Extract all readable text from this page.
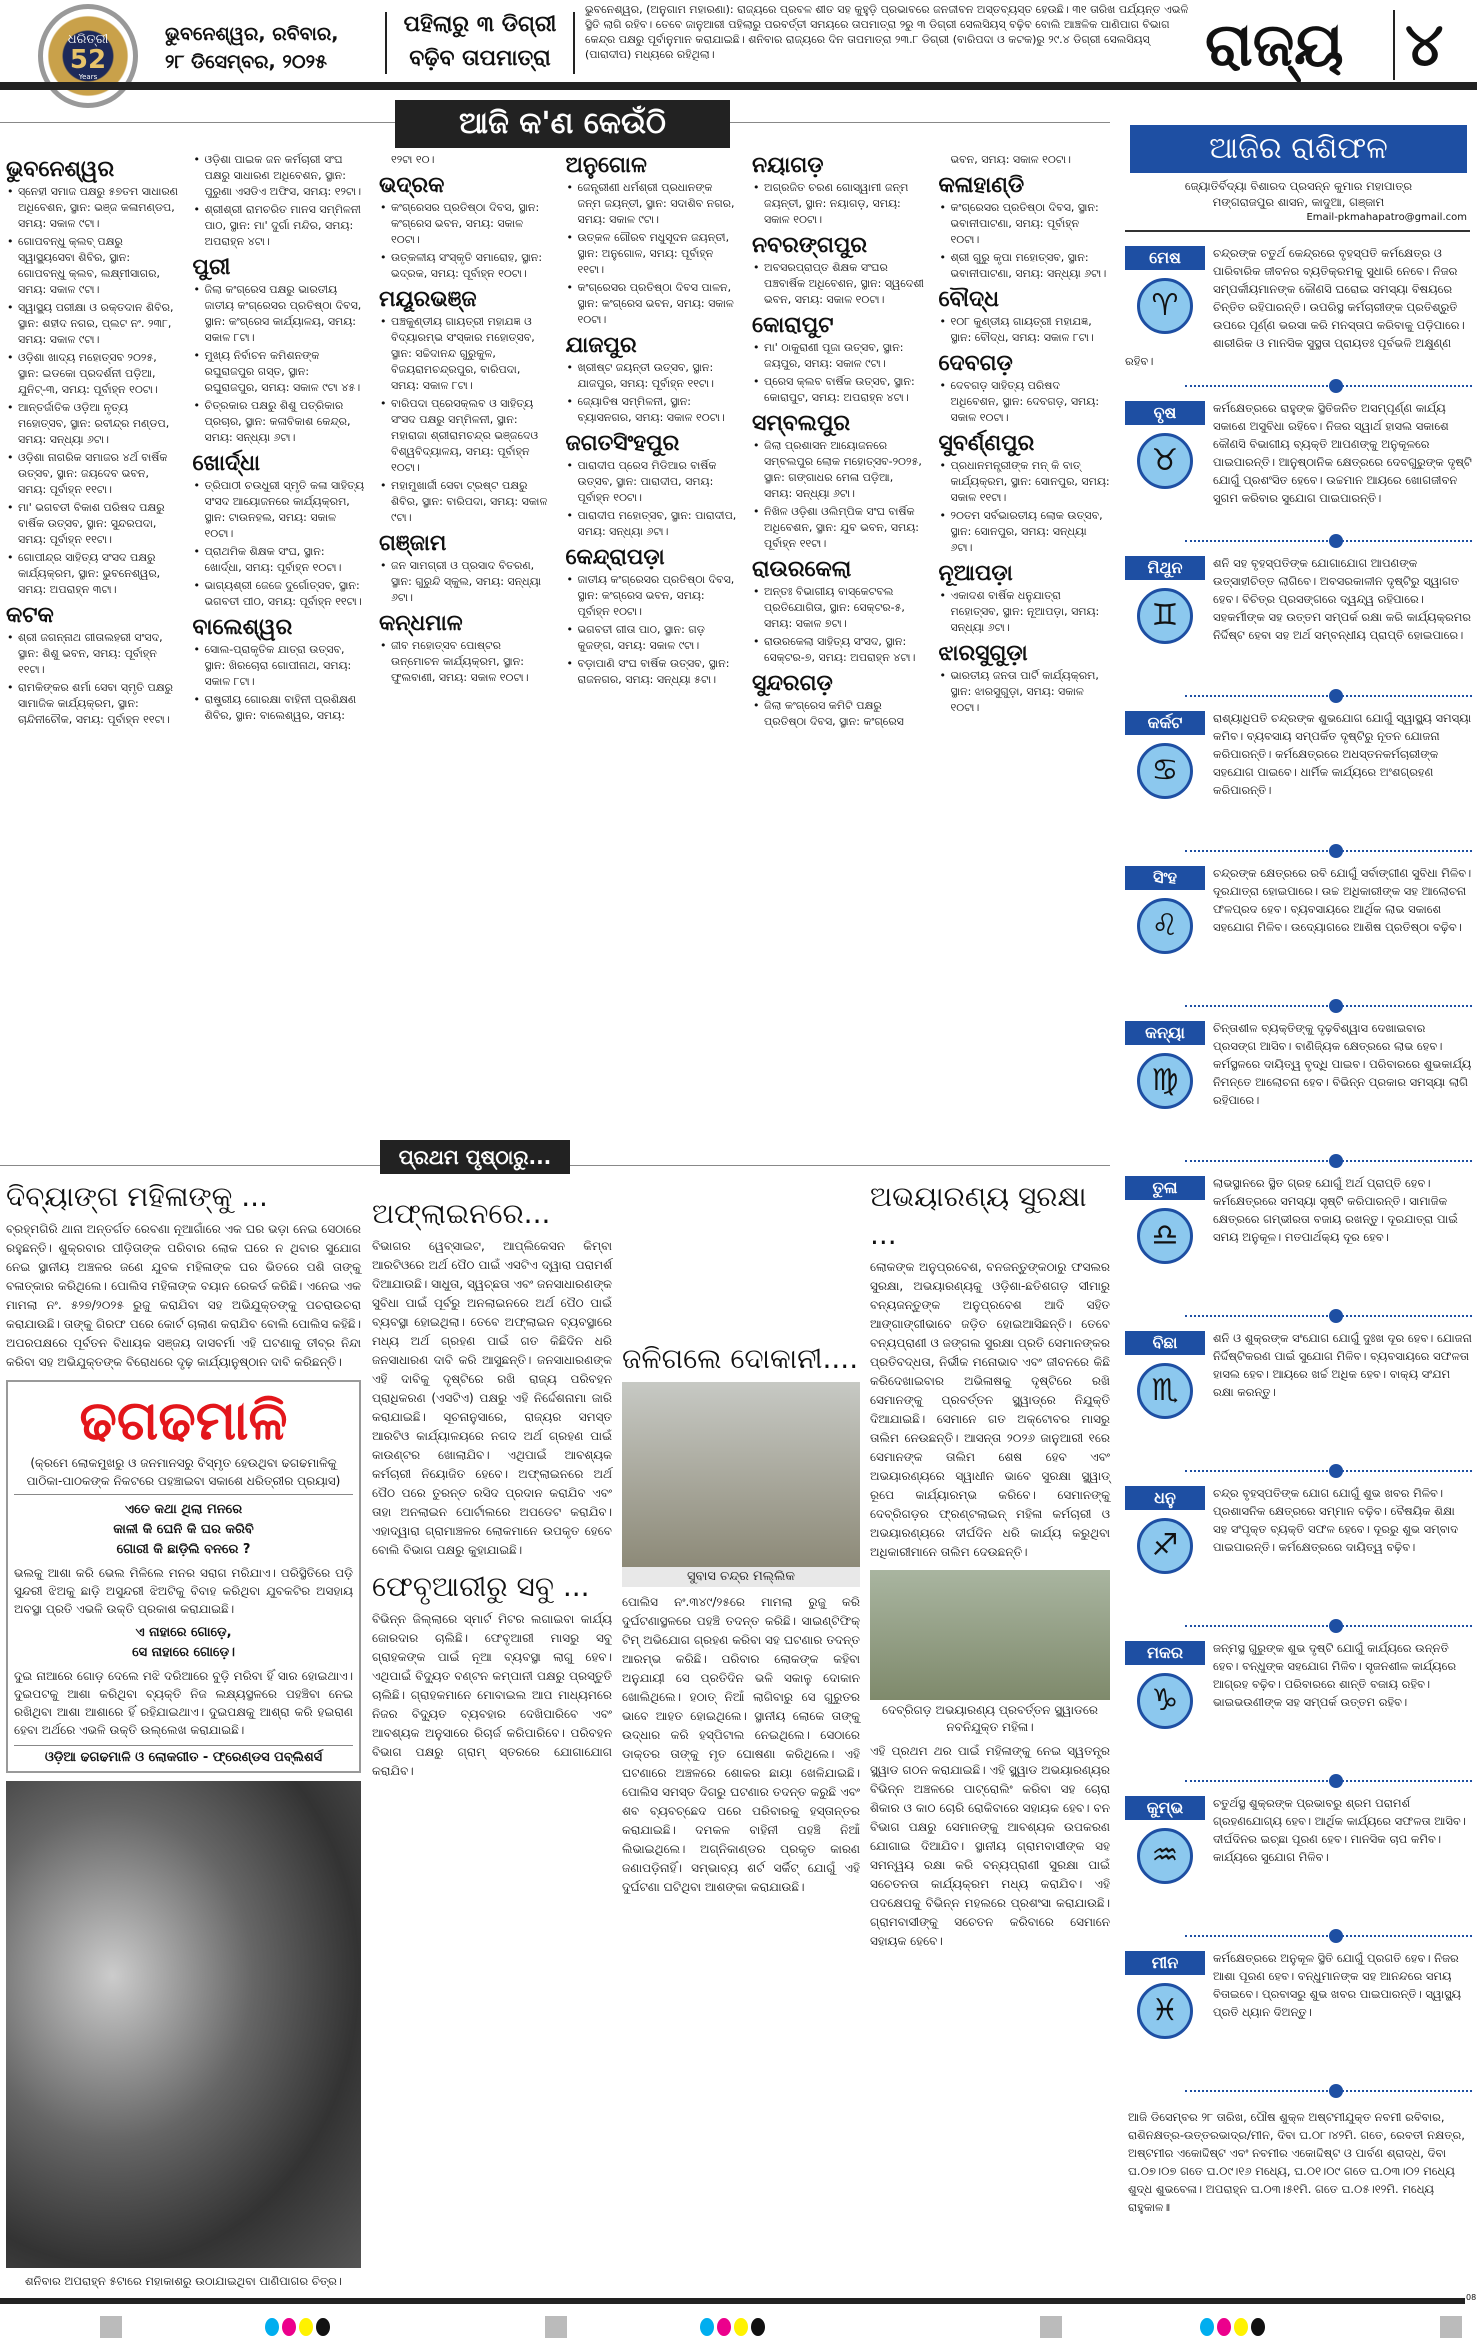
ଧରିତ୍ରୀ
52
Years
ଭୁବନେଶ୍ୱର, ରବିବାର,
୨୮ ଡିସେମ୍ବର, ୨୦୨୫
ପହିଲାରୁ ୩ ଡିଗ୍ରୀ ବଢ଼ିବ ତାପମାତ୍ରା
ଭୁବନେଶ୍ୱର, (ଅନୁଗାମ ମହାରଣା): ରାଜ୍ୟରେ ପ୍ରବଳ ଶୀତ ସହ କୁହୁଡ଼ି ପ୍ରଭାବରେ ଜନଜୀବନ ଅସ୍ତବ୍ୟସ୍ତ ହେଉଛି। ୩୧ ତାରିଖ ପର୍ଯ୍ୟନ୍ତ ଏଭଳି ସ୍ଥିତି ଲାଗି ରହିବ। ତେବେ ଜାନୁଆରୀ ପହିଲାରୁ ପରବର୍ତ୍ତୀ ସମୟରେ ତାପମାତ୍ରା ୨ରୁ ୩ ଡିଗ୍ରୀ ସେଲସିୟସ୍ ବଢ଼ିବ ବୋଲି ଆଞ୍ଚଳିକ ପାଣିପାଗ ବିଭାଗ କେନ୍ଦ୍ର ପକ୍ଷରୁ ପୂର୍ବାନୁମାନ କରାଯାଇଛି। ଶନିବାର ରାଜ୍ୟରେ ଦିନ ତାପମାତ୍ରା ୨୩.୮ ଡିଗ୍ରୀ (ବାରିପଦା ଓ କଟକ)ରୁ ୨୯.୪ ଡିଗ୍ରୀ ସେଲସିୟସ୍ (ପାରାଦୀପ) ମଧ୍ୟରେ ରହିଥିଲା।	ରାଜ୍ୟ ୪
ଆଜି କ'ଣ କେଉଁଠି
ଭୁବନେଶ୍ୱର
• ସ୍ନେହୀ ସମାଜ ପକ୍ଷରୁ ୫୭ତମ ସାଧାରଣ ଅଧିବେଶନ, ସ୍ଥାନ: ଭଞ୍ଜ କଳାମଣ୍ଡପ, ସମୟ: ସକାଳ ୯ଟା।
• ଗୋପବନ୍ଧୁ କ୍ଲବ୍ ପକ୍ଷରୁ ସ୍ୱାସ୍ଥ୍ୟସେବା ଶିବିର, ସ୍ଥାନ: ଗୋପବନ୍ଧୁ କ୍ଲବ, ଲକ୍ଷ୍ମୀସାଗର, ସମୟ: ସକାଳ ୯ଟା।
• ସ୍ୱାସ୍ଥ୍ୟ ପରୀକ୍ଷା ଓ ରକ୍ତଦାନ ଶିବିର, ସ୍ଥାନ: ଶହୀଦ ନଗର, ପ୍ଲଟ ନଂ. ୨୩୮, ସମୟ: ସକାଳ ୯ଟା।
• ଓଡ଼ିଶା ଖାଦ୍ୟ ମହୋତ୍ସବ ୨୦୨୫, ସ୍ଥାନ: ଇଡକୋ ପ୍ରଦର୍ଶନୀ ପଡ଼ିଆ, ଯୁନିଟ୍-୩, ସମୟ: ପୂର୍ବାହ୍ନ ୧୦ଟା।
• ଆନ୍ତର୍ଜାତିକ ଓଡ଼ିଆ ନୃତ୍ୟ ମହୋତ୍ସବ, ସ୍ଥାନ: ରବୀନ୍ଦ୍ର ମଣ୍ଡପ, ସମୟ: ସନ୍ଧ୍ୟା ୬ଟା।
• ଓଡ଼ିଶା ନାଗରିକ ସମାଜର ୪ର୍ଥ ବାର୍ଷିକ ଉତ୍ସବ, ସ୍ଥାନ: ଜୟଦେବ ଭବନ, ସମୟ: ପୂର୍ବାହ୍ନ ୧୧ଟା।
• ମା' ଭଗବତୀ ବିକାଶ ପରିଷଦ ପକ୍ଷରୁ ବାର୍ଷିକ ଉତ୍ସବ, ସ୍ଥାନ: ସୁନ୍ଦରପଦା, ସମୟ: ପୂର୍ବାହ୍ନ ୧୧ଟା।
• ଗୋପୀନ୍ଦ୍ର ସାହିତ୍ୟ ସଂସଦ ପକ୍ଷରୁ କାର୍ଯ୍ୟକ୍ରମ, ସ୍ଥାନ: ଭୁବନେଶ୍ୱର, ସମୟ: ଅପରାହ୍ନ ୩ଟା।
କଟକ
• ଶ୍ରୀ ଜଗନ୍ନାଥ ଗୀତାଲହରୀ ସଂସଦ, ସ୍ଥାନ: ଶିଶୁ ଭବନ, ସମୟ: ପୂର୍ବାହ୍ନ ୧୧ଟା।
• ରାମକିଙ୍କର ଶର୍ମା ସେବା ସ୍ମୃତି ପକ୍ଷରୁ ସାମାଜିକ କାର୍ଯ୍ୟକ୍ରମ, ସ୍ଥାନ: ଚାନ୍ଦିନୀଚୌକ, ସମୟ: ପୂର୍ବାହ୍ନ ୧୧ଟା।
• ଓଡ଼ିଶା ପାଇକ ଜନ କର୍ମଚାରୀ ସଂଘ ପକ୍ଷରୁ ସାଧାରଣ ଅଧିବେଶନ, ସ୍ଥାନ: ପୁରୁଣା ଏସଡିଏ ଅଫିସ, ସମୟ: ୧୨ଟା।
• ଶ୍ରୀଶ୍ରୀ ରାମଚରିତ ମାନସ ସମ୍ମିଳନୀ ପାଠ, ସ୍ଥାନ: ମା' ଦୁର୍ଗା ମନ୍ଦିର, ସମୟ: ଅପରାହ୍ନ ୪ଟା।
ପୁରୀ
• ଜିଲା କଂଗ୍ରେସ ପକ୍ଷରୁ ଭାରତୀୟ ଜାତୀୟ କଂଗ୍ରେସର ପ୍ରତିଷ୍ଠା ଦିବସ, ସ୍ଥାନ: କଂଗ୍ରେସ କାର୍ଯ୍ୟାଳୟ, ସମୟ: ସକାଳ ୮ଟା।
• ମୁଖ୍ୟ ନିର୍ବାଚନ କମିଶନଙ୍କ ରଘୁରାଜପୁର ଗସ୍ତ, ସ୍ଥାନ: ରଘୁରାଜପୁର, ସମୟ: ସକାଳ ୯ଟା ୪୫।
• ଚିତ୍ରକାର ପକ୍ଷରୁ ଶିଶୁ ପତ୍ରିକାର ପ୍ରଚାର, ସ୍ଥାନ: କଳାବିକାଶ କେନ୍ଦ୍ର, ସମୟ: ସନ୍ଧ୍ୟା ୬ଟା।
ଖୋର୍ଦ୍ଧା
• ତ୍ରିପାଠୀ ଚଉଧୁରୀ ସ୍ମୃତି କଳା ସାହିତ୍ୟ ସଂସଦ ଆୟୋଜନରେ କାର୍ଯ୍ୟକ୍ରମ, ସ୍ଥାନ: ଟାଉନହଲ, ସମୟ: ସକାଳ ୧୦ଟା।
• ପ୍ରାଥମିକ ଶିକ୍ଷକ ସଂଘ, ସ୍ଥାନ: ଖୋର୍ଦ୍ଧା, ସମୟ: ପୂର୍ବାହ୍ନ ୧୦ଟା।
• ଭାଗ୍ୟଶ୍ରୀ ଜେଜେ ଦୁର୍ଗୋତ୍ସବ, ସ୍ଥାନ: ଭଗବତୀ ପୀଠ, ସମୟ: ପୂର୍ବାହ୍ନ ୧୧ଟା।
ବାଲେଶ୍ୱର
• ସୋଲ-ପ୍ରାକୃତିକ ଯାତ୍ରା ଉତ୍ସବ, ସ୍ଥାନ: ଖିରଚୋରା ଗୋପୀନାଥ, ସମୟ: ସକାଳ ୮ଟା।
• ରାଷ୍ଟ୍ରୀୟ ଗୋରକ୍ଷା ବାହିନୀ ପ୍ରଶିକ୍ଷଣ ଶିବିର, ସ୍ଥାନ: ବାଲେଶ୍ୱର, ସମୟ: ୧୨ଟା ୧୦।
ଭଦ୍ରକ
• କଂଗ୍ରେସର ପ୍ରତିଷ୍ଠା ଦିବସ, ସ୍ଥାନ: କଂଗ୍ରେସ ଭବନ, ସମୟ: ସକାଳ ୧୦ଟା।
• ଉତ୍କଳୀୟ ସଂସ୍କୃତି ସମାରୋହ, ସ୍ଥାନ: ଭଦ୍ରକ, ସମୟ: ପୂର୍ବାହ୍ନ ୧୦ଟା।
ମୟୂରଭଞ୍ଜ
• ପଞ୍ଚକୁଣ୍ଡୀୟ ଗାୟତ୍ରୀ ମହାଯଜ୍ଞ ଓ ବିଦ୍ୟାରମ୍ଭ ସଂସ୍କାର ମହୋତ୍ସବ, ସ୍ଥାନ: ସଚ୍ଚିଦାନନ୍ଦ ଗୁରୁକୁଳ, ବିଜୟରାମଚନ୍ଦ୍ରପୁର, ବାରିପଦା, ସମୟ: ସକାଳ ୮ଟା।
• ବାରିପଦା ପ୍ରେସକ୍ଲବ ଓ ସାହିତ୍ୟ ସଂସଦ ପକ୍ଷରୁ ସମ୍ମିଳନୀ, ସ୍ଥାନ: ମହାରାଜା ଶ୍ରୀରାମଚନ୍ଦ୍ର ଭଞ୍ଜଦେଓ ବିଶ୍ୱବିଦ୍ୟାଳୟ, ସମୟ: ପୂର୍ବାହ୍ନ ୧୦ଟା।
• ମହାମୁଖାର୍ଜୀ ସେବା ଟ୍ରଷ୍ଟ ପକ୍ଷରୁ ଶିବିର, ସ୍ଥାନ: ବାରିପଦା, ସମୟ: ସକାଳ ୯ଟା।
ଗଞ୍ଜାମ
• ଜନ ସାମଗ୍ରୀ ଓ ପ୍ରସାଦ ବିତରଣ, ସ୍ଥାନ: ଗୁରୁନ୍ଦି ସ୍କୁଲ, ସମୟ: ସନ୍ଧ୍ୟା ୬ଟା।
କନ୍ଧମାଳ
• ଜୀବ ମହୋତ୍ସବ ପୋଷ୍ଟର ଉନ୍ମୋଚନ କାର୍ଯ୍ୟକ୍ରମ, ସ୍ଥାନ: ଫୁଲବାଣୀ, ସମୟ: ସକାଳ ୧୦ଟା।
ଅନୁଗୋଳ
• ଜେନ୍ତ୍ରୀଣୀ ଧର୍ମଶ୍ରୀ ପ୍ରଧାନଙ୍କ ଜନ୍ମ ଜୟନ୍ତୀ, ସ୍ଥାନ: ସଦାଶିବ ନଗର, ସମୟ: ସକାଳ ୯ଟା।
• ଉତ୍କଳ ଗୌରବ ମଧୁସୂଦନ ଜୟନ୍ତୀ, ସ୍ଥାନ: ଅନୁଗୋଳ, ସମୟ: ପୂର୍ବାହ୍ନ ୧୧ଟା।
• କଂଗ୍ରେସର ପ୍ରତିଷ୍ଠା ଦିବସ ପାଳନ, ସ୍ଥାନ: କଂଗ୍ରେସ ଭବନ, ସମୟ: ସକାଳ ୧୦ଟା।
ଯାଜପୁର
• ଖ୍ରୀଷ୍ଟ ଜୟନ୍ତୀ ଉତ୍ସବ, ସ୍ଥାନ: ଯାଜପୁର, ସମୟ: ପୂର୍ବାହ୍ନ ୧୧ଟା।
• ଜ୍ୟୋତିଷ ସମ୍ମିଳନୀ, ସ୍ଥାନ: ବ୍ୟାସନଗର, ସମୟ: ସକାଳ ୧୦ଟା।
ଜଗତସିଂହପୁର
• ପାରାଦୀପ ପ୍ରେସ ମିଡିଆର ବାର୍ଷିକ ଉତ୍ସବ, ସ୍ଥାନ: ପାରାଦୀପ, ସମୟ: ପୂର୍ବାହ୍ନ ୧୦ଟା।
• ପାରାଦୀପ ମହୋତ୍ସବ, ସ୍ଥାନ: ପାରାଦୀପ, ସମୟ: ସନ୍ଧ୍ୟା ୬ଟା।
କେନ୍ଦ୍ରାପଡ଼ା
• ଜାତୀୟ କଂଗ୍ରେସର ପ୍ରତିଷ୍ଠା ଦିବସ, ସ୍ଥାନ: କଂଗ୍ରେସ ଭବନ, ସମୟ: ପୂର୍ବାହ୍ନ ୧୦ଟା।
• ଭଗବତୀ ଗୀତା ପାଠ, ସ୍ଥାନ: ଗଡ଼ କୁଜଙ୍ଗ, ସମୟ: ସକାଳ ୯ଟା।
• ବଡ଼ାପାଣି ସଂଘ ବାର୍ଷିକ ଉତ୍ସବ, ସ୍ଥାନ: ରାଜନଗର, ସମୟ: ସନ୍ଧ୍ୟା ୫ଟା।
ନୟାଗଡ଼
• ଅଗ୍ରଜିତ ଚରଣ ଗୋସ୍ୱାମୀ ଜନ୍ମ ଜୟନ୍ତୀ, ସ୍ଥାନ: ନୟାଗଡ଼, ସମୟ: ସକାଳ ୧୦ଟା।
ନବରଙ୍ଗପୁର
• ଅବସରପ୍ରାପ୍ତ ଶିକ୍ଷକ ସଂଘର ପଞ୍ଚବାର୍ଷିକ ଅଧିବେଶନ, ସ୍ଥାନ: ସ୍ୱଦେଶୀ ଭବନ, ସମୟ: ସକାଳ ୧୦ଟା।
କୋରାପୁଟ
• ମା' ଠାକୁରାଣୀ ପୂଜା ଉତ୍ସବ, ସ୍ଥାନ: ଜୟପୁର, ସମୟ: ସକାଳ ୯ଟା।
• ପ୍ରେସ କ୍ଲବ ବାର୍ଷିକ ଉତ୍ସବ, ସ୍ଥାନ: କୋରାପୁଟ, ସମୟ: ଅପରାହ୍ନ ୪ଟା।
ସମ୍ବଲପୁର
• ଜିଲା ପ୍ରଶାସନ ଆୟୋଜନରେ ସମ୍ବଲପୁର ଲୋକ ମହୋତ୍ସବ-୨୦୨୫, ସ୍ଥାନ: ଗଙ୍ଗାଧର ମେଳା ପଡ଼ିଆ, ସମୟ: ସନ୍ଧ୍ୟା ୬ଟା।
• ନିଖିଳ ଓଡ଼ିଶା ଓଲିମ୍ପିକ ସଂଘ ବାର୍ଷିକ ଅଧିବେଶନ, ସ୍ଥାନ: ଯୁବ ଭବନ, ସମୟ: ପୂର୍ବାହ୍ନ ୧୧ଟା।
ରାଉରକେଲା
• ଅନ୍ତଃ ବିଭାଗୀୟ ବାସ୍କେଟବଲ ପ୍ରତିଯୋଗିତା, ସ୍ଥାନ: ସେକ୍ଟର-୫, ସମୟ: ସକାଳ ୭ଟା।
• ରାଉରକେଲା ସାହିତ୍ୟ ସଂସଦ, ସ୍ଥାନ: ସେକ୍ଟର-୭, ସମୟ: ଅପରାହ୍ନ ୪ଟା।
ସୁନ୍ଦରଗଡ଼
• ଜିଲା କଂଗ୍ରେସ କମିଟି ପକ୍ଷରୁ ପ୍ରତିଷ୍ଠା ଦିବସ, ସ୍ଥାନ: କଂଗ୍ରେସ ଭବନ, ସମୟ: ସକାଳ ୧୦ଟା।
କଳାହାଣ୍ଡି
• କଂଗ୍ରେସର ପ୍ରତିଷ୍ଠା ଦିବସ, ସ୍ଥାନ: ଭବାନୀପାଟଣା, ସମୟ: ପୂର୍ବାହ୍ନ ୧୦ଟା।
• ଶ୍ରୀ ଗୁରୁ କୃପା ମହୋତ୍ସବ, ସ୍ଥାନ: ଭବାନୀପାଟଣା, ସମୟ: ସନ୍ଧ୍ୟା ୬ଟା।
ବୌଦ୍ଧ
• ୧୦୮ କୁଣ୍ଡୀୟ ଗାୟତ୍ରୀ ମହାଯଜ୍ଞ, ସ୍ଥାନ: ବୌଦ୍ଧ, ସମୟ: ସକାଳ ୮ଟା।
ଦେବଗଡ଼
• ଦେବଗଡ଼ ସାହିତ୍ୟ ପରିଷଦ ଅଧିବେଶନ, ସ୍ଥାନ: ଦେବଗଡ଼, ସମୟ: ସକାଳ ୧୦ଟା।
ସୁବର୍ଣ୍ଣପୁର
• ପ୍ରଧାନମନ୍ତ୍ରୀଙ୍କ ମନ୍ କି ବାତ୍ କାର୍ଯ୍ୟକ୍ରମ, ସ୍ଥାନ: ସୋନପୁର, ସମୟ: ସକାଳ ୧୧ଟା।
• ୨୦ତମ ସର୍ବଭାରତୀୟ ଲୋକ ଉତ୍ସବ, ସ୍ଥାନ: ସୋନପୁର, ସମୟ: ସନ୍ଧ୍ୟା ୬ଟା।
ନୂଆପଡ଼ା
• ଏକାଦଶ ବାର୍ଷିକ ଧନୁଯାତ୍ରା ମହୋତ୍ସବ, ସ୍ଥାନ: ନୂଆପଡ଼ା, ସମୟ: ସନ୍ଧ୍ୟା ୬ଟା।
ଝାରସୁଗୁଡ଼ା
• ଭାରତୀୟ ଜନତା ପାର୍ଟି କାର୍ଯ୍ୟକ୍ରମ, ସ୍ଥାନ: ଝାରସୁଗୁଡ଼ା, ସମୟ: ସକାଳ ୧୦ଟା।
ପ୍ରଥମ ପୃଷ୍ଠାରୁ...
ଦିବ୍ୟାଙ୍ଗ ମହିଳାଙ୍କୁ ...

ବ୍ରହ୍ମଗିରି ଥାନା ଅନ୍ତର୍ଗତ ରେବଣା ନୂଆଗାଁରେ ଏକ ଘର ଭଡ଼ା ନେଇ ସେଠାରେ ରହୁଛନ୍ତି। ଶୁକ୍ରବାର ପୀଡ଼ିତାଙ୍କ ପରିବାର ଲୋକ ଘରେ ନ ଥିବାର ସୁଯୋଗ ନେଇ ସ୍ଥାନୀୟ ଅଞ୍ଚଳର ଜଣେ ଯୁବକ ମହିଳାଙ୍କ ଘର ଭିତରେ ପଶି ତାଙ୍କୁ ବଳାତ୍କାର କରିଥିଲେ। ପୋଲିସ ମହିଳାଙ୍କ ବୟାନ ରେକର୍ଡ କରିଛି। ଏନେଇ ଏକ ମାମଲା ନଂ. ୫୨୭/୨୦୨୫ ରୁଜୁ କରାଯିବା ସହ ଅଭିଯୁକ୍ତଙ୍କୁ ପଚରାଉଚରା କରାଯାଉଛି। ତାଙ୍କୁ ଗିରଫ ପରେ କୋର୍ଟ ଚାଲାଣ କରାଯିବ ବୋଲି ପୋଲିସ କହିଛି। ଅପରପକ୍ଷରେ ପୂର୍ବତନ ବିଧାୟକ ସଞ୍ଜୟ ଦାସବର୍ମା ଏହି ଘଟଣାକୁ ତୀବ୍ର ନିନ୍ଦା କରିବା ସହ ଅଭିଯୁକ୍ତଙ୍କ ବିରୋଧରେ ଦୃଢ଼ କାର୍ଯ୍ୟାନୁଷ୍ଠାନ ଦାବି କରିଛନ୍ତି।

ଢଗଢମାଳି
(କ୍ରମେ ଲୋକମୁଖରୁ ଓ ଜନମାନସରୁ ବିସ୍ମୃତ ହେଉଥିବା ଢଗଢମାଳିକୁ ପାଠିକା-ପାଠକଙ୍କ ନିକଟରେ ପହଞ୍ଚାଇବା ସକାଶେ ଧରିତ୍ରୀର ପ୍ରୟାସ)
ଏତେ କଥା ଥିଲା ମନରେ
କାଳୀ କି ଘେନି କି ଘର କରିବି
ଗୋରୀ କି ଛାଡ଼ିଲି ବନରେ ?
ଭଲକୁ ଆଶା କରି ଭେଲ ମିଳିଲେ ମନର ସରାଗ ମରିଯାଏ। ପରିସ୍ଥିତିରେ ପଡ଼ି ସୁନ୍ଦରୀ ଝିଅକୁ ଛାଡ଼ି ଅସୁନ୍ଦରୀ ଝିଅଟିକୁ ବିବାହ କରିଥିବା ଯୁବକଟିର ଅସହାୟ ଅବସ୍ଥା ପ୍ରତି ଏଭଳି ଉକ୍ତି ପ୍ରକାଶ କରାଯାଇଛି।
ଏ ନାହାରେ ଗୋଡ଼େ,
ସେ ନାହାରେ ଗୋଡ଼େ।
ଦୁଇ ନାଆରେ ଗୋଡ଼ ଦେଲେ ମଝି ଦରିଆରେ ବୁଡ଼ି ମରିବା ହିଁ ସାର ହୋଇଥାଏ। ଦୁଇପଟକୁ ଆଶା କରିଥିବା ବ୍ୟକ୍ତି ନିଜ ଲକ୍ଷ୍ୟସ୍ଥଳରେ ପହଞ୍ଚିବା ନେଇ ରଖିଥିବା ଆଶା ଆଶାରେ ହିଁ ରହିଯାଇଥାଏ। ଦୁଇପକ୍ଷକୁ ଆଶ୍ରା କରି ହଇରାଣ ହେବା ଅର୍ଥରେ ଏଭଳି ଉକ୍ତି ଉଲ୍ଲେଖ କରାଯାଇଛି।
ଓଡ଼ିଆ ଢଗଢମାଳି ଓ ଲୋକଗୀତ - ଫ୍ରେଣ୍ଡସ ପବ୍ଲିଶର୍ସ
ଶନିବାର ଅପରାହ୍ନ ୫ଟାରେ ମହାକାଶରୁ ଉଠାଯାଇଥିବା ପାଣିପାଗର ଚିତ୍ର।
ଅଫ୍‌ଲାଇନରେ...

ବିଭାଗର ୱେବ୍‌ସାଇଟ, ଆପ୍ଲିକେସନ କିମ୍ବା ଆରଟିଓରେ ଅର୍ଥ ପୈଠ ପାଇଁ ଏସଟିଏ ଦ୍ୱାରା ପରାମର୍ଶ ଦିଆଯାଉଛି। ସାଧୁତା, ସ୍ୱଚ୍ଛତା ଏବଂ ଜନସାଧାରଣଙ୍କ ସୁବିଧା ପାଇଁ ପୂର୍ବରୁ ଅନଲାଇନରେ ଅର୍ଥ ପୈଠ ପାଇଁ ବ୍ୟବସ୍ଥା ହୋଇଥିଲା। ତେବେ ଅଫ୍‌ଲାଇନ ବ୍ୟବସ୍ଥାରେ ମଧ୍ୟ ଅର୍ଥ ଗ୍ରହଣ ପାଇଁ ଗତ କିଛିଦିନ ଧରି ଜନସାଧାରଣ ଦାବି କରି ଆସୁଛନ୍ତି। ଜନସାଧାରଣଙ୍କ ଏହି ଦାବିକୁ ଦୃଷ୍ଟିରେ ରଖି ରାଜ୍ୟ ପରିବହନ ପ୍ରାଧିକରଣ (ଏସଟିଏ) ପକ୍ଷରୁ ଏହି ନିର୍ଦ୍ଦେଶନାମା ଜାରି କରାଯାଇଛି। ସୂଚନାନୁସାରେ, ରାଜ୍ୟର ସମସ୍ତ ଆରଟିଓ କାର୍ଯ୍ୟାଳୟରେ ନଗଦ ଅର୍ଥ ଗ୍ରହଣ ପାଇଁ କାଉଣ୍ଟର ଖୋଲାଯିବ। ଏଥିପାଇଁ ଆବଶ୍ୟକ କର୍ମଚାରୀ ନିୟୋଜିତ ହେବେ। ଅଫ୍‌ଲାଇନରେ ଅର୍ଥ ପୈଠ ପରେ ତୁରନ୍ତ ରସିଦ ପ୍ରଦାନ କରାଯିବ ଏବଂ ତାହା ଅନଲାଇନ ପୋର୍ଟାଲରେ ଅପଡେଟ କରାଯିବ। ଏହାଦ୍ୱାରା ଗ୍ରାମାଞ୍ଚଳର ଲୋକମାନେ ଉପକୃତ ହେବେ ବୋଲି ବିଭାଗ ପକ୍ଷରୁ କୁହାଯାଇଛି।

ଫେବୃଆରୀରୁ ସବୁ ...

ବିଭିନ୍ନ ଜିଲ୍ଲାରେ ସ୍ମାର୍ଟ ମିଟର ଲଗାଇବା କାର୍ଯ୍ୟ ଜୋରଦାର ଚାଲିଛି। ଫେବୃଆରୀ ମାସରୁ ସବୁ ଗ୍ରାହକଙ୍କ ପାଇଁ ନୂଆ ବ୍ୟବସ୍ଥା ଲାଗୁ ହେବ। ଏଥିପାଇଁ ବିଦ୍ୟୁତ ବଣ୍ଟନ କମ୍ପାନୀ ପକ୍ଷରୁ ପ୍ରସ୍ତୁତି ଚାଲିଛି। ଗ୍ରାହକମାନେ ମୋବାଇଲ ଆପ ମାଧ୍ୟମରେ ନିଜର ବିଦ୍ୟୁତ ବ୍ୟବହାର ଦେଖିପାରିବେ ଏବଂ ଆବଶ୍ୟକ ଅନୁସାରେ ରିଚାର୍ଜ କରିପାରିବେ। ପରିବହନ ବିଭାଗ ପକ୍ଷରୁ ଗ୍ରାମ୍ ସ୍ତରରେ ଯୋଗାଯୋଗ କରାଯିବ।

ଜଳିଗଲେ ଦୋକାନୀ....
ସୁବାସ ଚନ୍ଦ୍ର ମଲ୍ଲିକ

ପୋଲିସ ନଂ.୩୪୯/୨୫ରେ ମାମଲା ରୁଜୁ କରି ଦୁର୍ଘଟଣାସ୍ଥଳରେ ପହଞ୍ଚି ତଦନ୍ତ କରିଛି। ସାଇଣ୍ଟିଫିକ୍ ଟିମ୍ ଅଭିଯୋଗ ଗ୍ରହଣ କରିବା ସହ ଘଟଣାର ତଦନ୍ତ ଆରମ୍ଭ କରିଛି। ପରିବାର ଲୋକଙ୍କ କହିବା ଅନୁଯାୟୀ ସେ ପ୍ରତିଦିନ ଭଳି ସକାଳୁ ଦୋକାନ ଖୋଲିଥିଲେ। ହଠାତ୍ ନିଆଁ ଲାଗିବାରୁ ସେ ଗୁରୁତର ଭାବେ ଆହତ ହୋଇଥିଲେ। ସ୍ଥାନୀୟ ଲୋକେ ତାଙ୍କୁ ଉଦ୍ଧାର କରି ହସ୍ପିଟାଲ ନେଇଥିଲେ। ସେଠାରେ ଡାକ୍ତର ତାଙ୍କୁ ମୃତ ଘୋଷଣା କରିଥିଲେ। ଏହି ଘଟଣାରେ ଅଞ୍ଚଳରେ ଶୋକର ଛାୟା ଖେଳିଯାଇଛି। ପୋଲିସ ସମସ୍ତ ଦିଗରୁ ଘଟଣାର ତଦନ୍ତ କରୁଛି ଏବଂ ଶବ ବ୍ୟବଚ୍ଛେଦ ପରେ ପରିବାରକୁ ହସ୍ତାନ୍ତର କରାଯାଇଛି। ଦମକଳ ବାହିନୀ ପହଞ୍ଚି ନିଆଁ ଲିଭାଇଥିଲେ। ଅଗ୍ନିକାଣ୍ଡର ପ୍ରକୃତ କାରଣ ଜଣାପଡ଼ିନାହିଁ। ସମ୍ଭାବ୍ୟ ଶର୍ଟ ସର୍କିଟ୍ ଯୋଗୁଁ ଏହି ଦୁର୍ଘଟଣା ଘଟିଥିବା ଆଶଙ୍କା କରାଯାଉଛି।

ଅଭୟାରଣ୍ୟ ସୁରକ୍ଷା ...

ଲୋକଙ୍କ ଅନୁପ୍ରବେଶ, ବନଜନ୍ତୁଙ୍କଠାରୁ ଫସଲର ସୁରକ୍ଷା, ଅଭୟାରଣ୍ୟକୁ ଓଡ଼ିଶା-ଛତିଶଗଡ଼ ସୀମାରୁ ବନ୍ୟଜନ୍ତୁଙ୍କ ଅନୁପ୍ରବେଶ ଆଦି ସହିତ ଆଙ୍ଗାଙ୍ଗୀଭାବେ ଜଡ଼ିତ ହୋଇଆସିଛନ୍ତି। ତେବେ ବନ୍ୟପ୍ରାଣୀ ଓ ଜଙ୍ଗଲ ସୁରକ୍ଷା ପ୍ରତି ସେମାନଙ୍କର ପ୍ରତିବଦ୍ଧତା, ନିର୍ଭୀକ ମନୋଭାବ ଏବଂ ଜୀବନରେ କିଛି କରିଦେଖାଇବାର ଅଭିଳାଷକୁ ଦୃଷ୍ଟିରେ ରଖି ସେମାନଙ୍କୁ ପ୍ରବର୍ତ୍ତନ ସ୍କ୍ୱାଡ୍‌ରେ ନିଯୁକ୍ତି ଦିଆଯାଇଛି। ସେମାନେ ଗତ ଅକ୍ଟୋବର ମାସରୁ ତାଲିମ ନେଉଛନ୍ତି। ଆସନ୍ତା ୨୦୨୬ ଜାନୁଆରୀ ୧ରେ ସେମାନଙ୍କ ତାଲିମ ଶେଷ ହେବ ଏବଂ ଅଭୟାରଣ୍ୟରେ ସ୍ୱାଧୀନ ଭାବେ ସୁରକ୍ଷା ସ୍କ୍ୱାଡ୍ ରୂପେ କାର୍ଯ୍ୟାରମ୍ଭ କରିବେ। ସେମାନଙ୍କୁ ଦେବ୍ରିଗଡ଼ର ଫ୍ରଣ୍ଟଲାଇନ୍ ମହିଳା କର୍ମଚାରୀ ଓ ଅଭୟାରଣ୍ୟରେ ଦୀର୍ଘଦିନ ଧରି କାର୍ଯ୍ୟ କରୁଥିବା ଅଧିକାରୀମାନେ ତାଲିମ ଦେଉଛନ୍ତି।

ଦେବ୍ରିଗଡ଼ ଅଭୟାରଣ୍ୟ ପ୍ରବର୍ତ୍ତନ ସ୍କ୍ୱାଡରେ ନବନିଯୁକ୍ତ ମହିଳା।

ଏହି ପ୍ରଥମ ଥର ପାଇଁ ମହିଳାଙ୍କୁ ନେଇ ସ୍ୱତନ୍ତ୍ର ସ୍କ୍ୱାଡ ଗଠନ କରାଯାଇଛି। ଏହି ସ୍କ୍ୱାଡ ଅଭୟାରଣ୍ୟର ବିଭିନ୍ନ ଅଞ୍ଚଳରେ ପାଟ୍ରୋଲିଂ କରିବା ସହ ଚୋରା ଶିକାର ଓ କାଠ ଚୋରି ରୋକିବାରେ ସହାୟକ ହେବ। ବନ ବିଭାଗ ପକ୍ଷରୁ ସେମାନଙ୍କୁ ଆବଶ୍ୟକ ଉପକରଣ ଯୋଗାଇ ଦିଆଯିବ। ସ୍ଥାନୀୟ ଗ୍ରାମବାସୀଙ୍କ ସହ ସମନ୍ୱୟ ରକ୍ଷା କରି ବନ୍ୟପ୍ରାଣୀ ସୁରକ୍ଷା ପାଇଁ ସଚେତନତା କାର୍ଯ୍ୟକ୍ରମ ମଧ୍ୟ କରାଯିବ। ଏହି ପଦକ୍ଷେପକୁ ବିଭିନ୍ନ ମହଲରେ ପ୍ରଶଂସା କରାଯାଉଛି। ଗ୍ରାମବାସୀଙ୍କୁ ସଚେତନ କରିବାରେ ସେମାନେ ସହାୟକ ହେବେ।

ଆଜିର ରାଶିଫଳ
ଜ୍ୟୋତିର୍ବିଦ୍ୟା ବିଶାରଦ ପ୍ରସନ୍ନ କୁମାର ମହାପାତ୍ର
ମଙ୍ଗରାଜପୁର ଶାସନ, କାଦୁଆ, ଗଞ୍ଜାମ
Email-pkmahapatro@gmail.com
ମେଷ
♈
ଚନ୍ଦ୍ରଙ୍କ ଚତୁର୍ଥ କେନ୍ଦ୍ରରେ ବୃହସ୍ପତି କର୍ମକ୍ଷେତ୍ର ଓ ପାରିବାରିକ ଜୀବନର ବ୍ୟତିକ୍ରମକୁ ସୁଧାରି ନେବେ। ନିଜର ସମ୍ପର୍କୀୟମାନଙ୍କ କୌଣସି ଘରୋଇ ସମସ୍ୟା ବିଷୟରେ ଚିନ୍ତିତ ରହିପାରନ୍ତି। ଉପରିସ୍ଥ କର୍ମଚାରୀଙ୍କ ପ୍ରତିଶ୍ରୁତି ଉପରେ ପୂର୍ଣ୍ଣ ଭରସା କରି ମନସ୍ତାପ କରିବାକୁ ପଡ଼ିପାରେ। ଶାରୀରିକ ଓ ମାନସିକ ସୁସ୍ଥତା ପ୍ରାୟତଃ ପୂର୍ବଭଳି ଅକ୍ଷୁଣ୍ଣ ରହିବ।
ବୃଷ
♉
କର୍ମକ୍ଷେତ୍ରରେ ରାହୁଙ୍କ ସ୍ଥିତିଜନିତ ଅସମ୍ପୂର୍ଣ୍ଣ କାର୍ଯ୍ୟ ସକାଶେ ଅସୁବିଧା ରହିବେ। ନିଜର ସ୍ୱାର୍ଥ ହାସଲ ସକାଶେ କୌଣସି ବିଭାଗୀୟ ବ୍ୟକ୍ତି ଆପଣଙ୍କୁ ଅନୁକୂଳରେ ପାଇପାରନ୍ତି। ଆନୁଷ୍ଠାନିକ କ୍ଷେତ୍ରରେ ଦେବଗୁରୁଙ୍କ ଦୃଷ୍ଟି ଯୋଗୁଁ ପ୍ରଶଂସିତ ହେବେ। ଉଚ୍ଚମାନ ଆୟରେ ଖୋଗଜୀବନ ସୁଗମ କରିବାର ସୁଯୋଗ ପାଇପାରନ୍ତି।
ମିଥୁନ
♊
ଶନି ସହ ବୃହସ୍ପତିଙ୍କ ଯୋଗାଯୋଗ ଆପଣଙ୍କ ଉତ୍ସାହୀଚିତ୍ତ ଲାଗିବେ। ଅବସରକାଳୀନ ଦୃଷ୍ଟିରୁ ସ୍ୱାଗତ ହେବ। ବିଚିତ୍ର ପ୍ରସଙ୍ଗରେ ଦ୍ୱନ୍ଦ୍ୱ ରହିପାରେ। ସହକର୍ମୀଙ୍କ ସହ ଉତ୍ତମ ସମ୍ପର୍କ ରକ୍ଷା କରି କାର୍ଯ୍ୟକ୍ରମର ନିର୍ଦ୍ଦିଷ୍ଟ ହେବା ସହ ଅର୍ଥ ସମ୍ବନ୍ଧୀୟ ପ୍ରାପ୍ତି ହୋଇପାରେ।
କର୍କଟ
♋
ରାଶ୍ୟାଧିପତି ଚନ୍ଦ୍ରଙ୍କ ଶୁଭଯୋଗ ଯୋଗୁଁ ସ୍ୱାସ୍ଥ୍ୟ ସମସ୍ୟା କମିବ। ବ୍ୟବସାୟ ସମ୍ପର୍କିତ ଦୃଷ୍ଟିରୁ ନୂତନ ଯୋଜନା କରିପାରନ୍ତି। କର୍ମକ୍ଷେତ୍ରରେ ଅଧସ୍ତନକର୍ମଚାରୀଙ୍କ ସହଯୋଗ ପାଇବେ। ଧାର୍ମିକ କାର୍ଯ୍ୟରେ ଅଂଶଗ୍ରହଣ କରିପାରନ୍ତି।
ସିଂହ
♌
ଚନ୍ଦ୍ରଙ୍କ କ୍ଷେତ୍ରରେ ରବି ଯୋଗୁଁ ସର୍ବାଙ୍ଗୀଣ ସୁବିଧା ମିଳିବ। ଦୂରଯାତ୍ରା ହୋଇପାରେ। ଉଚ୍ଚ ଅଧିକାରୀଙ୍କ ସହ ଆଲୋଚନା ଫଳପ୍ରଦ ହେବ। ବ୍ୟବସାୟରେ ଆର୍ଥିକ ଲାଭ ସକାଶେ ସହଯୋଗ ମିଳିବ। ଉଦ୍ୟୋଗରେ ଆଶିଷ ପ୍ରତିଷ୍ଠା ବଢ଼ିବ।
କନ୍ୟା
♍
ଚିନ୍ତାଶୀଳ ବ୍ୟକ୍ତିଙ୍କୁ ଦୃଢ଼ବିଶ୍ୱାସ ଦେଖାଇବାର ପ୍ରସଙ୍ଗ ଆସିବ। ବାଣିଜ୍ୟିକ କ୍ଷେତ୍ରରେ ଲାଭ ହେବ। କର୍ମସ୍ଥଳରେ ଦାୟିତ୍ୱ ବୃଦ୍ଧି ପାଇବ। ପରିବାରରେ ଶୁଭକାର୍ଯ୍ୟ ନିମନ୍ତେ ଆଲୋଚନା ହେବ। ବିଭିନ୍ନ ପ୍ରକାର ସମସ୍ୟା ଲାଗି ରହିପାରେ।
ତୁଳା
♎
ଲାଭସ୍ଥାନରେ ସ୍ଥିତ ଗ୍ରହ ଯୋଗୁଁ ଅର୍ଥ ପ୍ରାପ୍ତି ହେବ। କର୍ମକ୍ଷେତ୍ରରେ ସମସ୍ୟା ସୃଷ୍ଟି କରିପାରନ୍ତି। ସାମାଜିକ କ୍ଷେତ୍ରରେ ଗମ୍ଭୀରତା ବଜାୟ ରଖନ୍ତୁ। ଦୂରଯାତ୍ରା ପାଇଁ ସମୟ ଅନୁକୂଳ। ମତପାର୍ଥକ୍ୟ ଦୂର ହେବ।
ବିଛା
♏
ଶନି ଓ ଶୁକ୍ରଙ୍କ ସଂଯୋଗ ଯୋଗୁଁ ଦୁଃଖ ଦୂର ହେବ। ଯୋଜନା ନିର୍ଦ୍ଦିଷ୍ଟିକରଣ ପାଇଁ ସୁଯୋଗ ମିଳିବ। ବ୍ୟବସାୟରେ ସଫଳତା ହାସଲ ହେବ। ଆୟରେ ଖର୍ଚ୍ଚ ଅଧିକ ହେବ। ବାକ୍ୟ ସଂଯମ ରକ୍ଷା କରନ୍ତୁ।
ଧନୁ
♐
ଚନ୍ଦ୍ର ବୃହସ୍ପତିଙ୍କ ଯୋଗ ଯୋଗୁଁ ଶୁଭ ଖବର ମିଳିବ। ପ୍ରଶାସନିକ କ୍ଷେତ୍ରରେ ସମ୍ମାନ ବଢ଼ିବ। ବୈଷୟିକ ଶିକ୍ଷା ସହ ସଂପୃକ୍ତ ବ୍ୟକ୍ତି ସଫଳ ହେବେ। ଦୂରରୁ ଶୁଭ ସମ୍ବାଦ ପାଇପାରନ୍ତି। କର୍ମକ୍ଷେତ୍ରରେ ଦାୟିତ୍ୱ ବଢ଼ିବ।
ମକର
♑
ଜନ୍ମସ୍ଥ ଗୁରୁଙ୍କ ଶୁଭ ଦୃଷ୍ଟି ଯୋଗୁଁ କାର୍ଯ୍ୟରେ ଉନ୍ନତି ହେବ। ବନ୍ଧୁଙ୍କ ସହଯୋଗ ମିଳିବ। ସୃଜନଶୀଳ କାର୍ଯ୍ୟରେ ଆଗ୍ରହ ବଢ଼ିବ। ପରିବାରରେ ଶାନ୍ତି ବଜାୟ ରହିବ। ଭାଇଭଉଣୀଙ୍କ ସହ ସମ୍ପର୍କ ଉତ୍ତମ ରହିବ।
କୁମ୍ଭ
♒
ଚତୁର୍ଥସ୍ଥ ଶୁକ୍ରଙ୍କ ପ୍ରଭାବରୁ ଶ୍ରମ ପରାମର୍ଶ ଗ୍ରହଣଯୋଗ୍ୟ ହେବ। ଆର୍ଥିକ କାର୍ଯ୍ୟରେ ସଫଳତା ଆସିବ। ଦୀର୍ଘଦିନର ଇଚ୍ଛା ପୂରଣ ହେବ। ମାନସିକ ଚାପ କମିବ। କାର୍ଯ୍ୟରେ ସୁଯୋଗ ମିଳିବ।
ମୀନ
♓
କର୍ମକ୍ଷେତ୍ରରେ ଅନୁକୂଳ ସ୍ଥିତି ଯୋଗୁଁ ପ୍ରଗତି ହେବ। ନିଜର ଆଶା ପୂରଣ ହେବ। ବନ୍ଧୁମାନଙ୍କ ସହ ଆନନ୍ଦରେ ସମୟ ବିତାଇବେ। ପ୍ରବାସରୁ ଶୁଭ ଖବର ପାଇପାରନ୍ତି। ସ୍ୱାସ୍ଥ୍ୟ ପ୍ରତି ଧ୍ୟାନ ଦିଅନ୍ତୁ।
ଆଜି ଡିସେମ୍ବର ୨୮ ତାରିଖ, ପୌଷ ଶୁକ୍ଳ ଅଷ୍ଟମୀଯୁକ୍ତ ନବମୀ ରବିବାର, ରାଶିନକ୍ଷତ୍ର-ଉତ୍ତରଭାଦ୍ର/ମୀନ, ଦିବା ଘ.୦୮।୪୨ମି. ଗତେ, ରେବତୀ ନକ୍ଷତ୍ର, ଅଷ୍ଟମୀର ଏକୋଦ୍ଦିଷ୍ଟ ଏବଂ ନବମୀର ଏକୋଦ୍ଦିଷ୍ଟ ଓ ପାର୍ବଣ ଶ୍ରାଦ୍ଧ, ଦିବା ଘ.୦୭।୦୭ ଗତେ ଘ.୦୯।୧୬ ମଧ୍ୟେ, ଘ.୦୧।୦୯ ଗତେ ଘ.୦୩।୦୨ ମଧ୍ୟେ ଶୁଦ୍ଧ ଶୁଭବେଳା। ଅପରାହ୍ନ ଘ.୦୩।୫୧ମି. ଗତେ ଘ.୦୫।୧୨ମି. ମଧ୍ୟେ ରାହୁକାଳ॥
08
